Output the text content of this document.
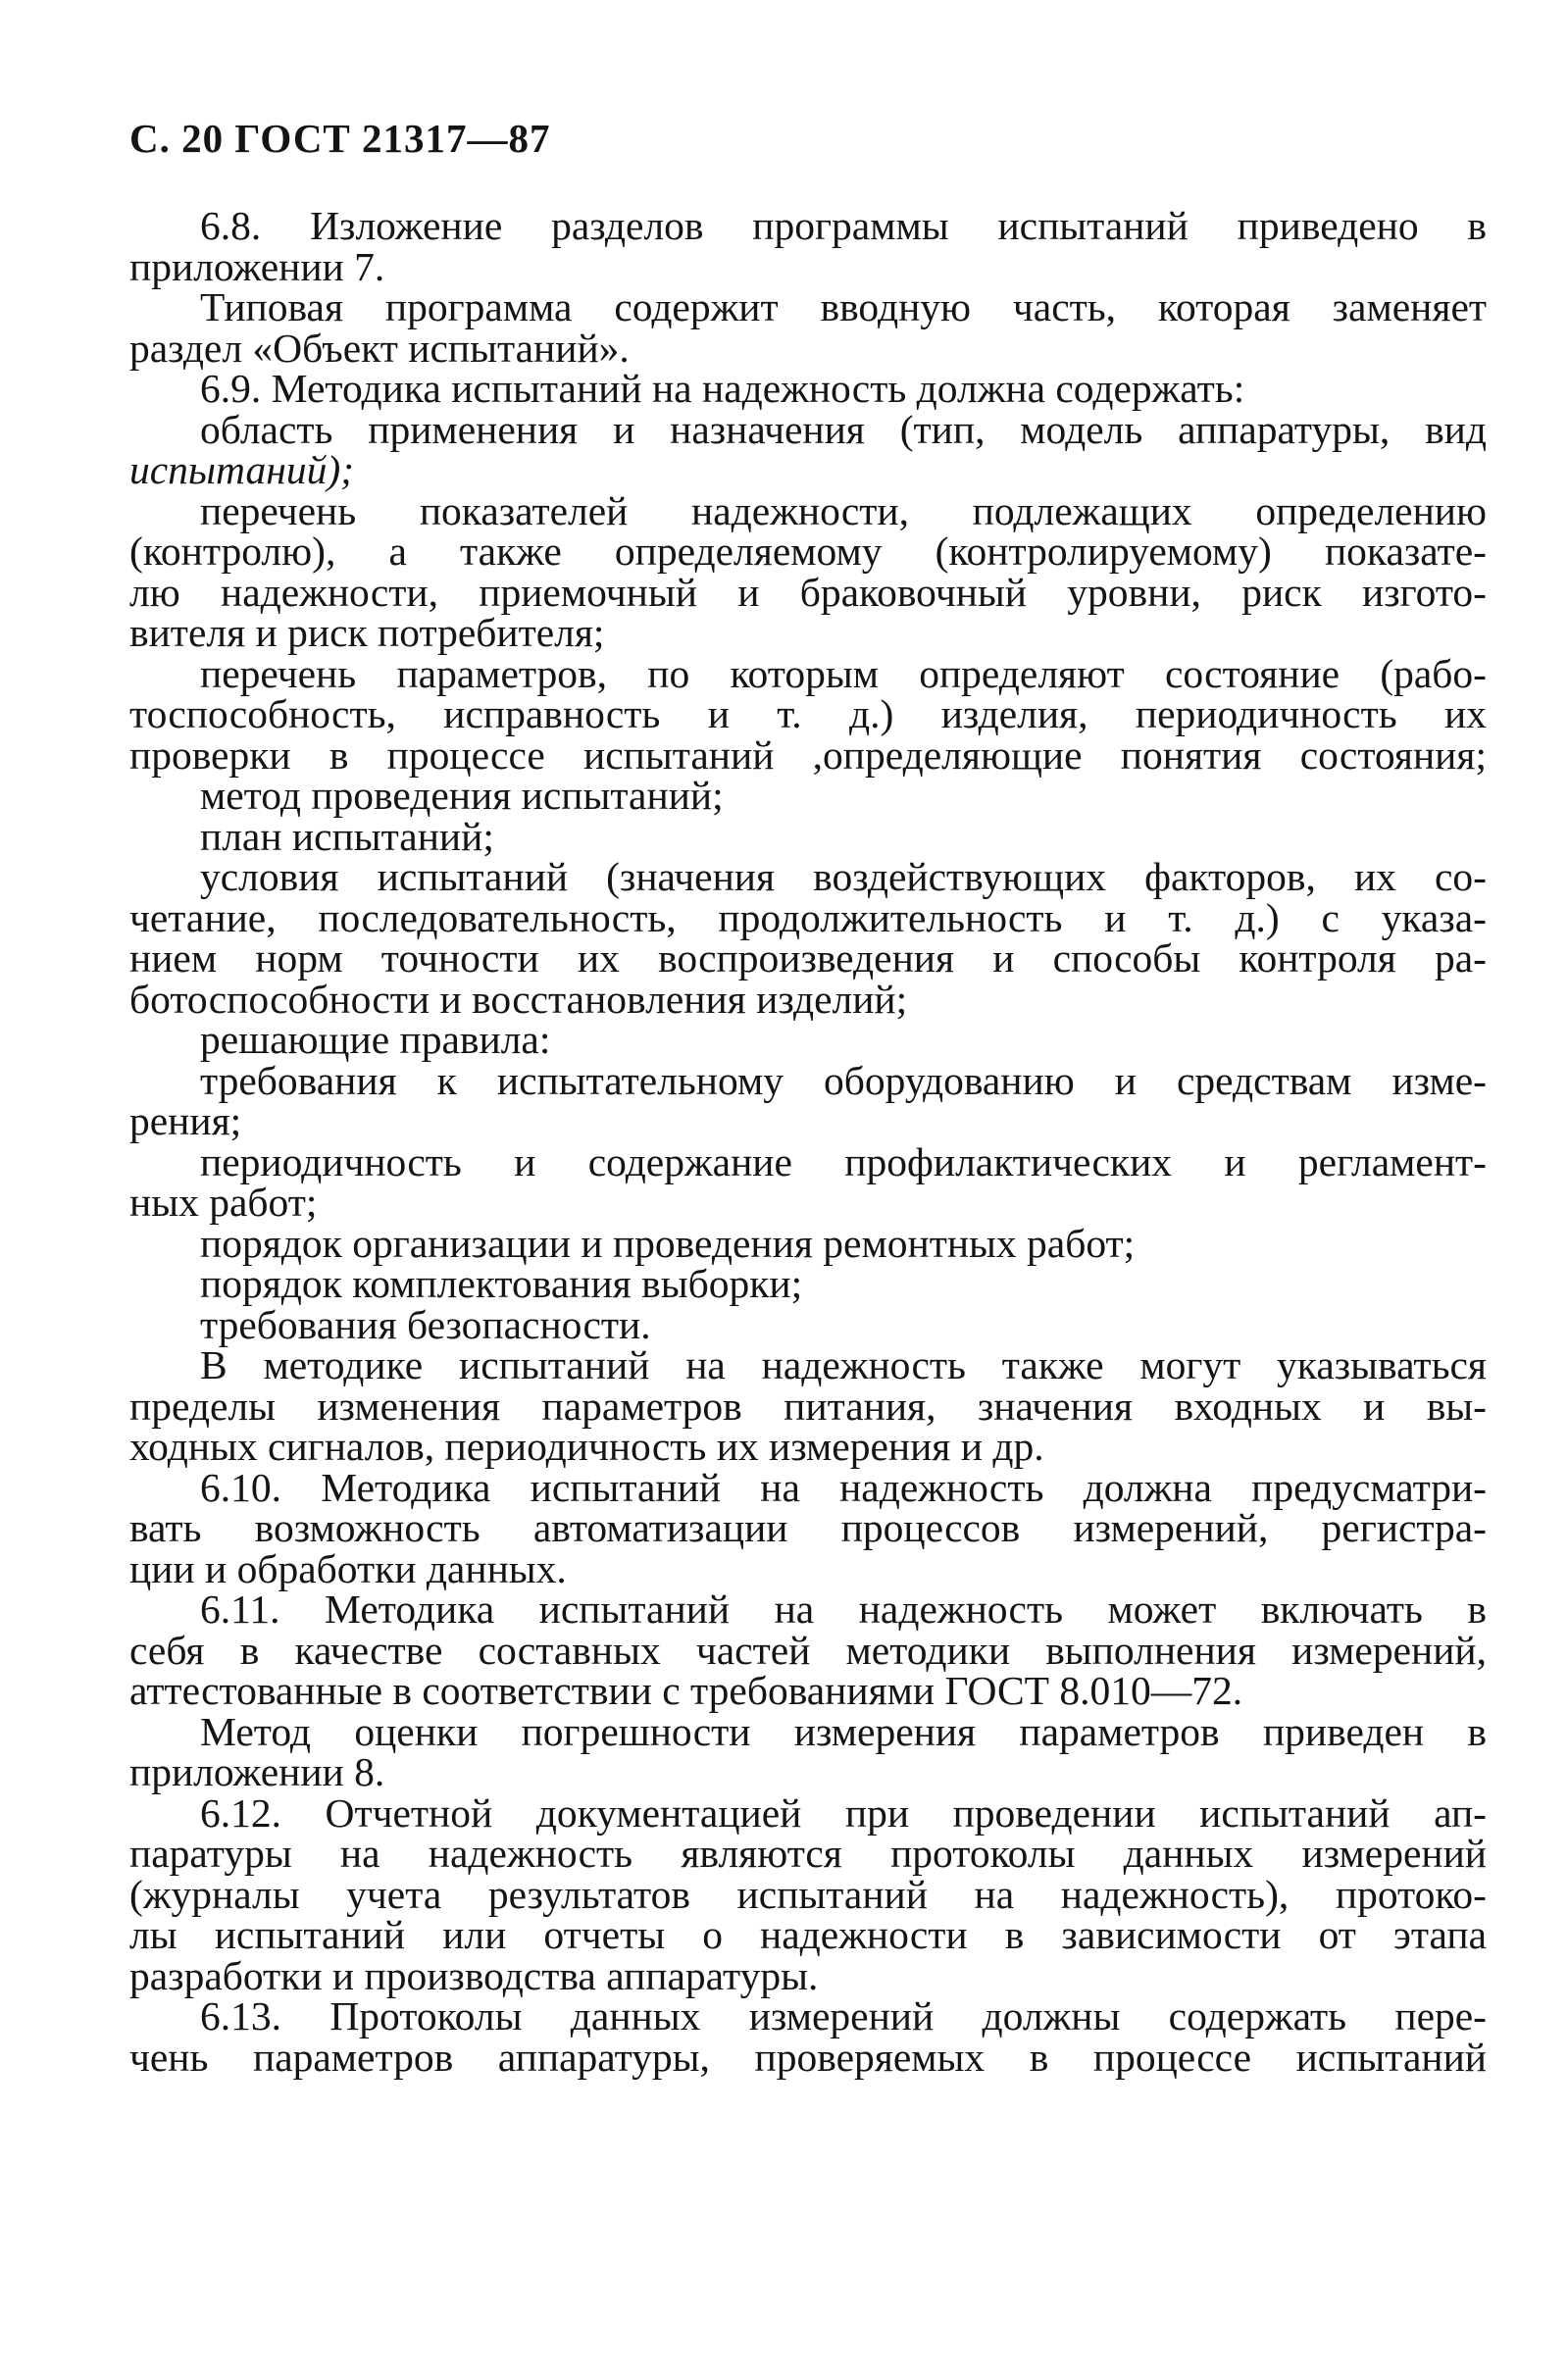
С. 20 ГОСТ 21317—87
6.8. Изложение разделов программы испытаний приведено в
приложении 7.
Типовая программа содержит вводную часть, которая заменяет
раздел «Объект испытаний».
6.9. Методика испытаний на надежность должна содержать:
область применения и назначения (тип, модель аппаратуры, вид
испытаний);
перечень показателей надежности, подлежащих определению
(контролю), а также определяемому (контролируемому) показате-
лю надежности, приемочный и браковочный уровни, риск изгото-
вителя и риск потребителя;
перечень параметров, по которым определяют состояние (рабо-
тоспособность, исправность и т. д.) изделия, периодичность их
проверки в процессе испытаний ,определяющие понятия состояния;
метод проведения испытаний;
план испытаний;
условия испытаний (значения воздействующих факторов, их со-
четание, последовательность, продолжительность и т. д.) с указа-
нием норм точности их воспроизведения и способы контроля ра-
ботоспособности и восстановления изделий;
решающие правила:
требования к испытательному оборудованию и средствам изме-
рения;
периодичность и содержание профилактических и регламент-
ных работ;
порядок организации и проведения ремонтных работ;
порядок комплектования выборки;
требования безопасности.
В методике испытаний на надежность также могут указываться
пределы изменения параметров питания, значения входных и вы-
ходных сигналов, периодичность их измерения и др.
6.10. Методика испытаний на надежность должна предусматри-
вать возможность автоматизации процессов измерений, регистра-
ции и обработки данных.
6.11. Методика испытаний на надежность может включать в
себя в качестве составных частей методики выполнения измерений,
аттестованные в соответствии с требованиями ГОСТ 8.010—72.
Метод оценки погрешности измерения параметров приведен в
приложении 8.
6.12. Отчетной документацией при проведении испытаний ап-
паратуры на надежность являются протоколы данных измерений
(журналы учета результатов испытаний на надежность), протоко-
лы испытаний или отчеты о надежности в зависимости от этапа
разработки и производства аппаратуры.
6.13. Протоколы данных измерений должны содержать пере-
чень параметров аппаратуры, проверяемых в процессе испытаний
